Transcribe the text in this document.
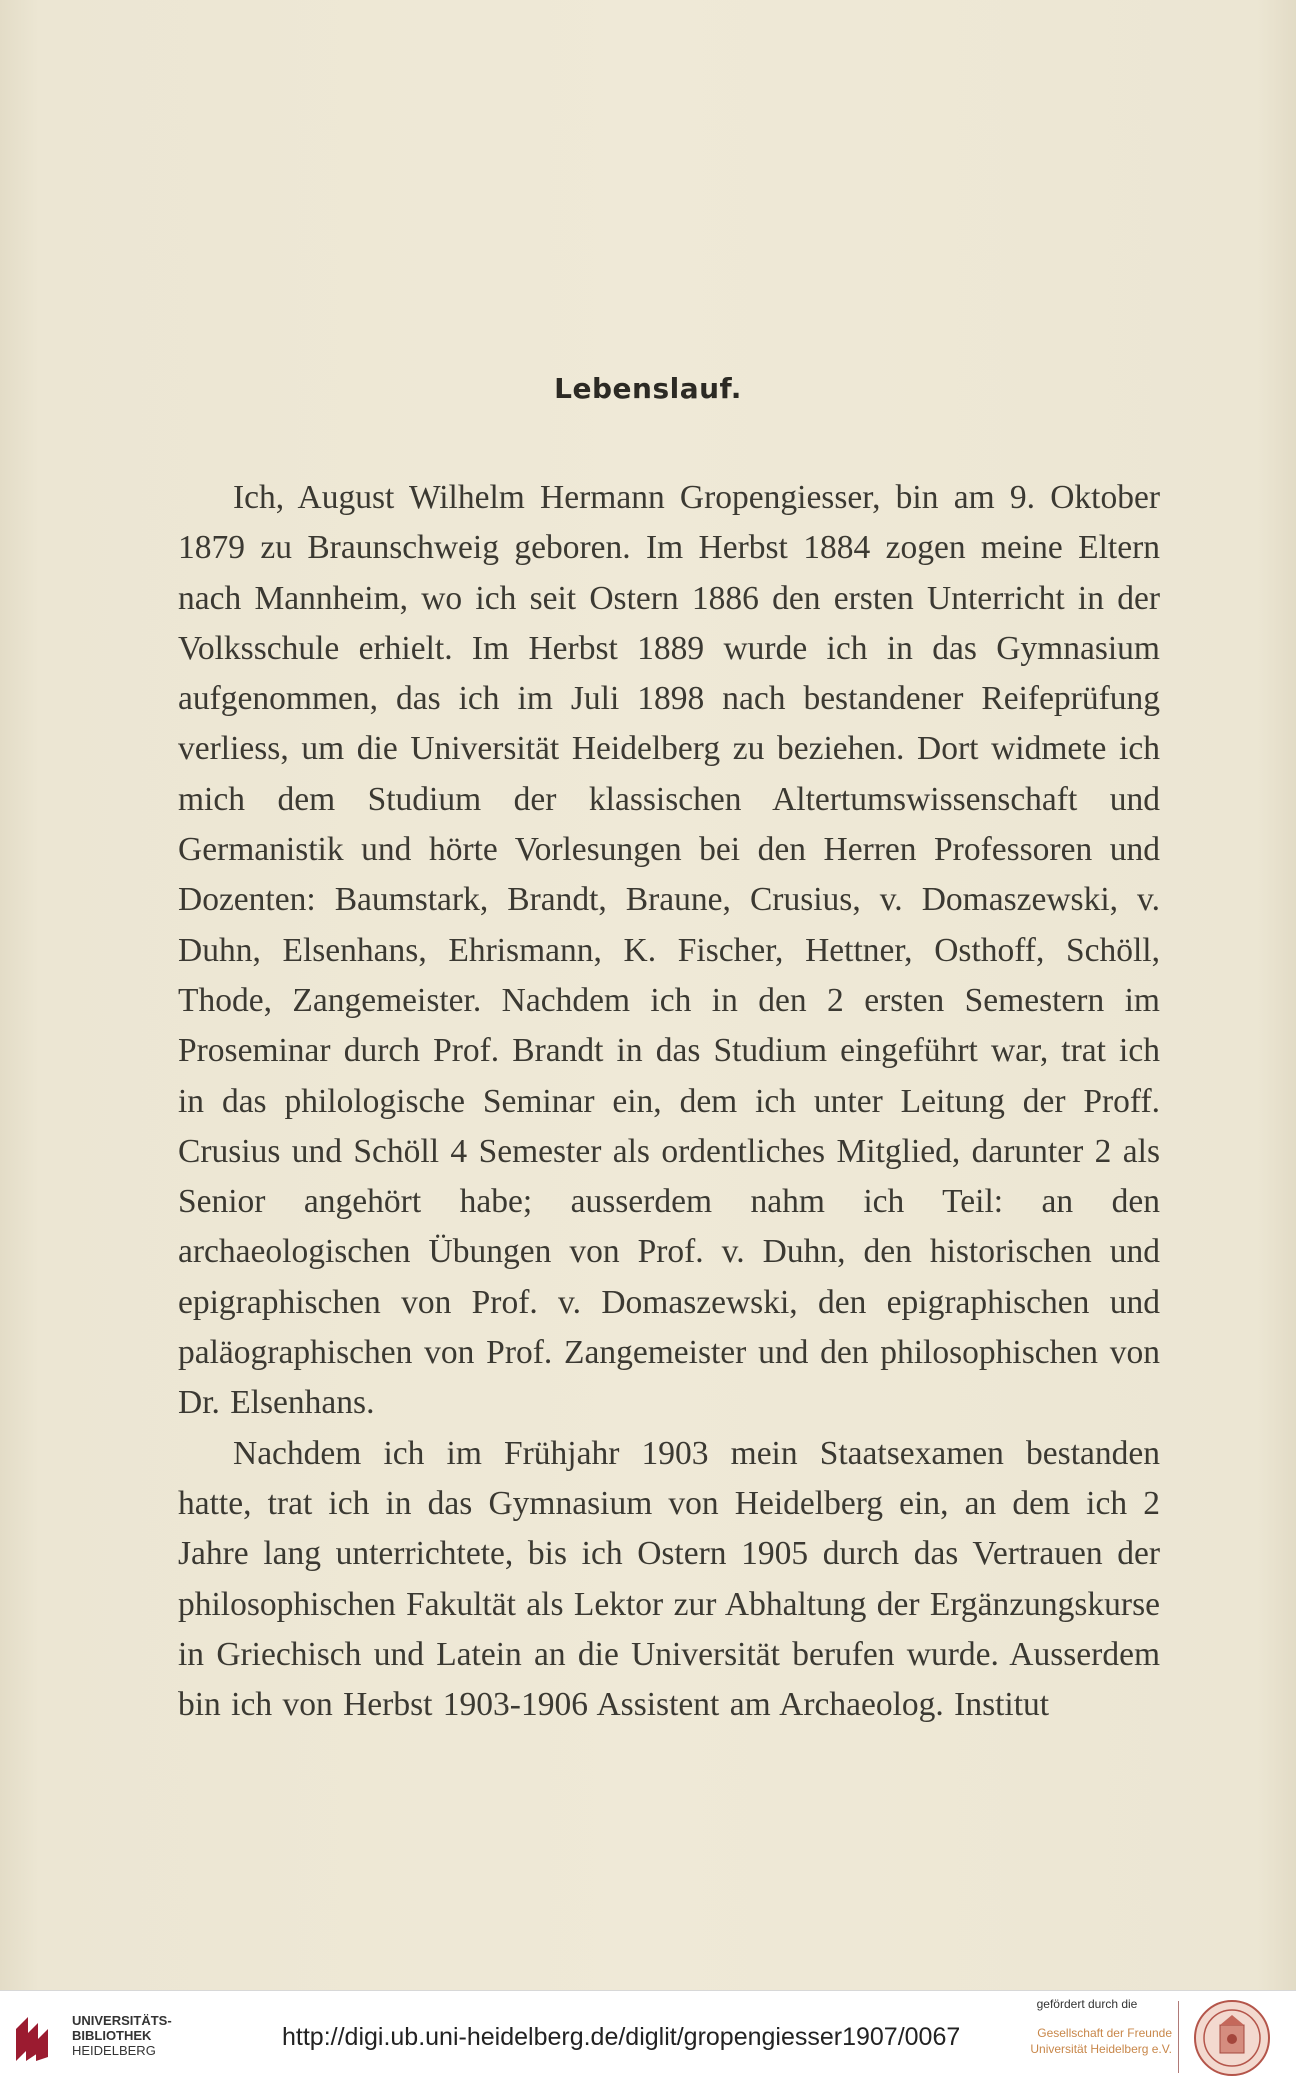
Lebenslauf.

Ich, August Wilhelm Hermann Gropengiesser, bin am 9. Oktober 1879 zu Braunschweig geboren. Im Herbst 1884 zogen meine Eltern nach Mannheim, wo ich seit Ostern 1886 den ersten Unterricht in der Volksschule erhielt. Im Herbst 1889 wurde ich in das Gymnasium aufgenommen, das ich im Juli 1898 nach bestandener Reifeprüfung verliess, um die Universität Heidelberg zu beziehen. Dort widmete ich mich dem Studium der klassischen Altertumswissenschaft und Germanistik und hörte Vorlesungen bei den Herren Professoren und Dozenten: Baumstark, Brandt, Braune, Crusius, v. Domaszewski, v. Duhn, Elsenhans, Ehrismann, K. Fischer, Hettner, Osthoff, Schöll, Thode, Zangemeister. Nachdem ich in den 2 ersten Semestern im Proseminar durch Prof. Brandt in das Studium eingeführt war, trat ich in das philologische Seminar ein, dem ich unter Leitung der Proff. Crusius und Schöll 4 Semester als ordentliches Mitglied, darunter 2 als Senior angehört habe; ausserdem nahm ich Teil: an den archaeologischen Übungen von Prof. v. Duhn, den historischen und epigraphischen von Prof. v. Domaszewski, den epigraphischen und paläographischen von Prof. Zangemeister und den philosophischen von Dr. Elsenhans.

Nachdem ich im Frühjahr 1903 mein Staatsexamen bestanden hatte, trat ich in das Gymnasium von Heidelberg ein, an dem ich 2 Jahre lang unterrichtete, bis ich Ostern 1905 durch das Vertrauen der philosophischen Fakultät als Lektor zur Abhaltung der Ergänzungskurse in Griechisch und Latein an die Universität berufen wurde. Ausserdem bin ich von Herbst 1903-1906 Assistent am Archaeolog. Institut

UNIVERSITÄTS-
BIBLIOTHEK
HEIDELBERG	http://digi.ub.uni-heidelberg.de/diglit/gropengiesser1907/0067
gefördert durch die
Gesellschaft der Freunde
Universität Heidelberg e.V.
